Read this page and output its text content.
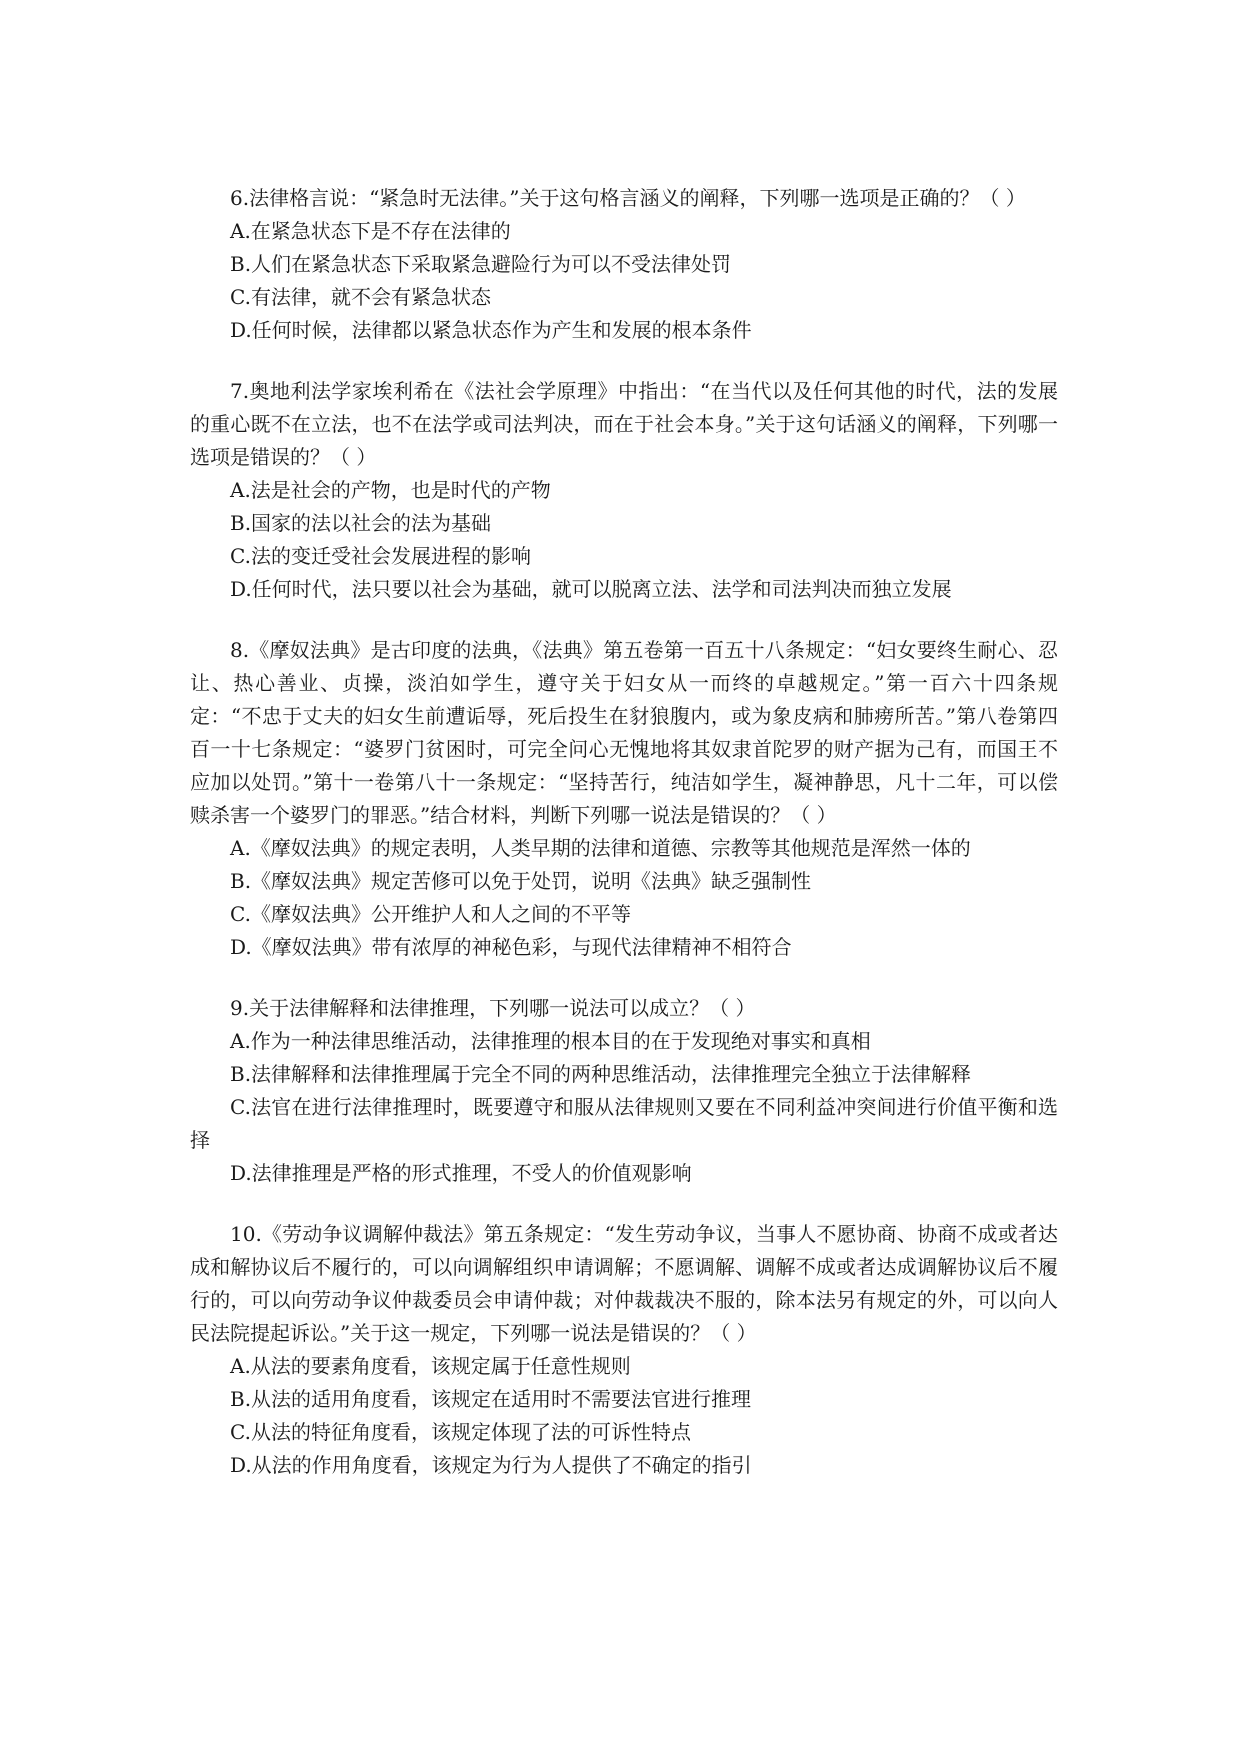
6.法律格言说：“紧急时无法律。”关于这句格言涵义的阐释，下列哪一选项是正确的？（ ）

A.在紧急状态下是不存在法律的

B.人们在紧急状态下采取紧急避险行为可以不受法律处罚

C.有法律，就不会有紧急状态

D.任何时候，法律都以紧急状态作为产生和发展的根本条件

7.奥地利法学家埃利希在《法社会学原理》中指出：“在当代以及任何其他的时代，法的发展的重心既不在立法，也不在法学或司法判决，而在于社会本身。”关于这句话涵义的阐释，下列哪一选项是错误的？（ ）

A.法是社会的产物，也是时代的产物

B.国家的法以社会的法为基础

C.法的变迁受社会发展进程的影响

D.任何时代，法只要以社会为基础，就可以脱离立法、法学和司法判决而独立发展

8.《摩奴法典》是古印度的法典，《法典》第五卷第一百五十八条规定：“妇女要终生耐心、忍让、热心善业、贞操，淡泊如学生，遵守关于妇女从一而终的卓越规定。”第一百六十四条规定：“不忠于丈夫的妇女生前遭诟辱，死后投生在豺狼腹内，或为象皮病和肺痨所苦。”第八卷第四百一十七条规定：“婆罗门贫困时，可完全问心无愧地将其奴隶首陀罗的财产据为己有，而国王不应加以处罚。”第十一卷第八十一条规定：“坚持苦行，纯洁如学生，凝神静思，凡十二年，可以偿赎杀害一个婆罗门的罪恶。”结合材料，判断下列哪一说法是错误的？（ ）

A.《摩奴法典》的规定表明，人类早期的法律和道德、宗教等其他规范是浑然一体的

B.《摩奴法典》规定苦修可以免于处罚，说明《法典》缺乏强制性

C.《摩奴法典》公开维护人和人之间的不平等

D.《摩奴法典》带有浓厚的神秘色彩，与现代法律精神不相符合

9.关于法律解释和法律推理，下列哪一说法可以成立？（ ）

A.作为一种法律思维活动，法律推理的根本目的在于发现绝对事实和真相

B.法律解释和法律推理属于完全不同的两种思维活动，法律推理完全独立于法律解释

C.法官在进行法律推理时，既要遵守和服从法律规则又要在不同利益冲突间进行价值平衡和选择

D.法律推理是严格的形式推理，不受人的价值观影响

10.《劳动争议调解仲裁法》第五条规定：“发生劳动争议，当事人不愿协商、协商不成或者达成和解协议后不履行的，可以向调解组织申请调解；不愿调解、调解不成或者达成调解协议后不履行的，可以向劳动争议仲裁委员会申请仲裁；对仲裁裁决不服的，除本法另有规定的外，可以向人民法院提起诉讼。”关于这一规定，下列哪一说法是错误的？（ ）

A.从法的要素角度看，该规定属于任意性规则

B.从法的适用角度看，该规定在适用时不需要法官进行推理

C.从法的特征角度看，该规定体现了法的可诉性特点

D.从法的作用角度看，该规定为行为人提供了不确定的指引
